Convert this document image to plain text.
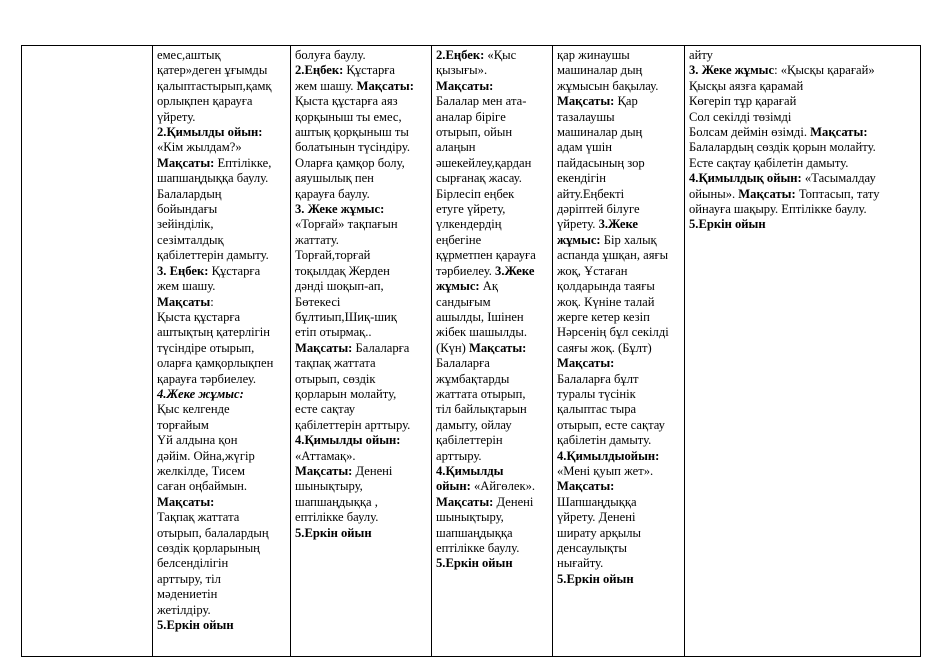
емес,аштық
қатер»деген ұғымды
қалыптастырып,қамқ
орлықпен қарауға
үйрету.
2.Қимылды ойын:
«Кім жылдам?»
Мақсаты: Ептілікке,
шапшаңдыққа баулу.
Балалардың
бойындағы
зейінділік,
сезімталдық
қабілеттерін дамыту.
3. Еңбек: Құстарға
жем шашу.
Мақсаты:
Қыста құстарға
аштықтың қатерлігін
түсіндіре отырып,
оларға қамқорлықпен
қарауға тәрбиелеу.
4.Жеке жұмыс:
Қыс келгенде
торғайым
Үй алдына қон
дәйім. Ойна,жүгір
желкілде, Тисем
саған оңбаймын.
Мақсаты:
Тақпақ жаттата
отырып, балалардың
сөздік қорларының
белсенділігін
арттыру, тіл
мәдениетін
жетілдіру.
5.Еркін ойын

болуға баулу.
2.Еңбек: Құстарға
жем шашу. Мақсаты:
Қыста құстарға аяз
қорқыныш ты емес,
аштық қорқыныш ты
болатынын түсіндіру.
Оларға қамқор болу,
аяушылық пен
қарауға баулу.
3. Жеке жұмыс:
«Торғай» тақпағын
жаттату.
Торғай,торғай
тоқылдақ Жерден
дәнді шоқып-ап,
Бөтекесі
бұлтиып,Шиқ-шиқ
етіп отырмақ..
Мақсаты: Балаларға
тақпақ жаттата
отырып, сөздік
қорларын молайту,
есте сақтау
қабілеттерін арттыру.
4.Қимылды ойын:
«Аттамақ».
Мақсаты: Денені
шынықтыру,
шапшаңдыққа ,
ептілікке баулу.
5.Еркін ойын

2.Еңбек: «Қыс
қызығы».
Мақсаты:
Балалар мен ата-
аналар бірігe
отырып, ойын
алаңын
әшекейлеу,қардан
сырғанақ жасау.
Бірлесіп еңбек
етуге үйрету,
үлкендердің
еңбегіне
құрметпен қарауға
тәрбиелеу. 3.Жеке
жұмыс: Ақ
сандығым
ашылды, Ішінен
жібек шашылды.
(Күн) Мақсаты:
Балаларға
жұмбақтарды
жаттата отырып,
тіл байлықтарын
дамыту, ойлау
қабілеттерін
арттыру.
4.Қимылды
ойын: «Айгөлек».
Мақсаты: Денені
шынықтыру,
шапшаңдыққа
ептілікке баулу.
5.Еркін ойын

қар жинаушы
машиналар дың
жұмысын бақылау.
Мақсаты: Қар
тазалаушы
машиналар дың
адам үшін
пайдасының зор
екендігін
айту.Еңбекті
дәріптей білуге
үйрету. 3.Жеке
жұмыс: Бір халық
аспанда ұшқан, аяғы
жоқ, Ұстаған
қолдарында таяғы
жоқ. Күніне талай
жерге кетер кезіп
Нәрсенің бұл секілді
саяғы жоқ. (Бұлт)
Мақсаты:
Балаларға бұлт
туралы түсінік
қалыптас тыра
отырып, есте сақтау
қабілетін дамыту.
4.Қимылдыойын:
«Мені қуып жет».
Мақсаты:
Шапшаңдыққа
үйрету. Денені
ширату арқылы
денсаулықты
нығайту.
5.Еркін ойын

айту
3. Жеке жұмыс: «Қысқы қарағай»
Қысқы аязға қарамай
Көгеріп тұр қарағай
Сол секілді төзімді
Болсам деймін өзімді. Мақсаты:
Балалардың сөздік қорын молайту.
Есте сақтау қабілетін дамыту.
4.Қимылдық ойын: «Тасымалдау
ойыны». Мақсаты: Топтасып, тату
ойнауға шақыру. Ептілікке баулу.
5.Еркін ойын
